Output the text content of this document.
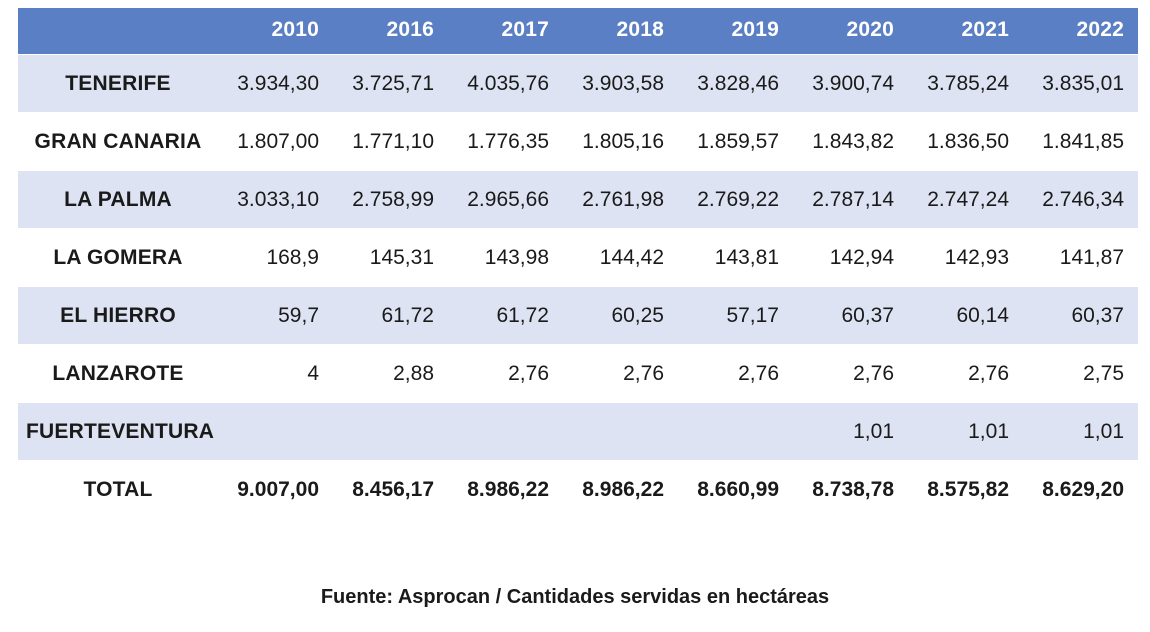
	2010	2016	2017	2018	2019	2020	2021	2022
TENERIFE	3.934,30	3.725,71	4.035,76	3.903,58	3.828,46	3.900,74	3.785,24	3.835,01
GRAN CANARIA	1.807,00	1.771,10	1.776,35	1.805,16	1.859,57	1.843,82	1.836,50	1.841,85
LA PALMA	3.033,10	2.758,99	2.965,66	2.761,98	2.769,22	2.787,14	2.747,24	2.746,34
LA GOMERA	168,9	145,31	143,98	144,42	143,81	142,94	142,93	141,87
EL HIERRO	59,7	61,72	61,72	60,25	57,17	60,37	60,14	60,37
LANZAROTE	4	2,88	2,76	2,76	2,76	2,76	2,76	2,75
FUERTEVENTURA						1,01	1,01	1,01
TOTAL	9.007,00	8.456,17	8.986,22	8.986,22	8.660,99	8.738,78	8.575,82	8.629,20
Fuente: Asprocan / Cantidades servidas en hectáreas
